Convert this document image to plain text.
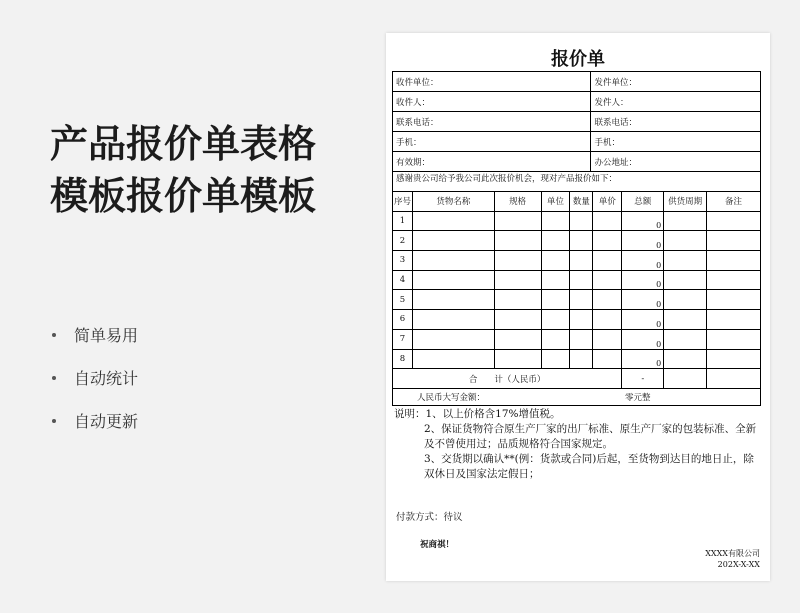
产品报价单表格
模板报价单模板
简单易用
自动统计
自动更新
报价单
收件单位：	发件单位：
收件人：	发件人：
联系电话：	联系电话：
手机：	手机：
有效期：	办公地址：
感谢贵公司给予我公司此次报价机会，现对产品报价如下：
序号	货物名称	规格	单位	数量	单价	总额	供货周期	备注
1						0		
2						0		
3						0		
4						0		
5						0		
6						0		
7						0		
8						0		
合　　计（人民币）						-		
人民币大写金额：	零元整

说明：1、以上价格含17%增值税。

2、保证货物符合原生产厂家的出厂标准、原生产厂家的包装标准、全新及不曾使用过；品质规格符合国家规定。

3、交货期以确认**(例：货款或合同)后起，至货物到达目的地日止，除双休日及国家法定假日；

付款方式：待议
祝商祺！
XXXX有限公司
202X-X-XX
